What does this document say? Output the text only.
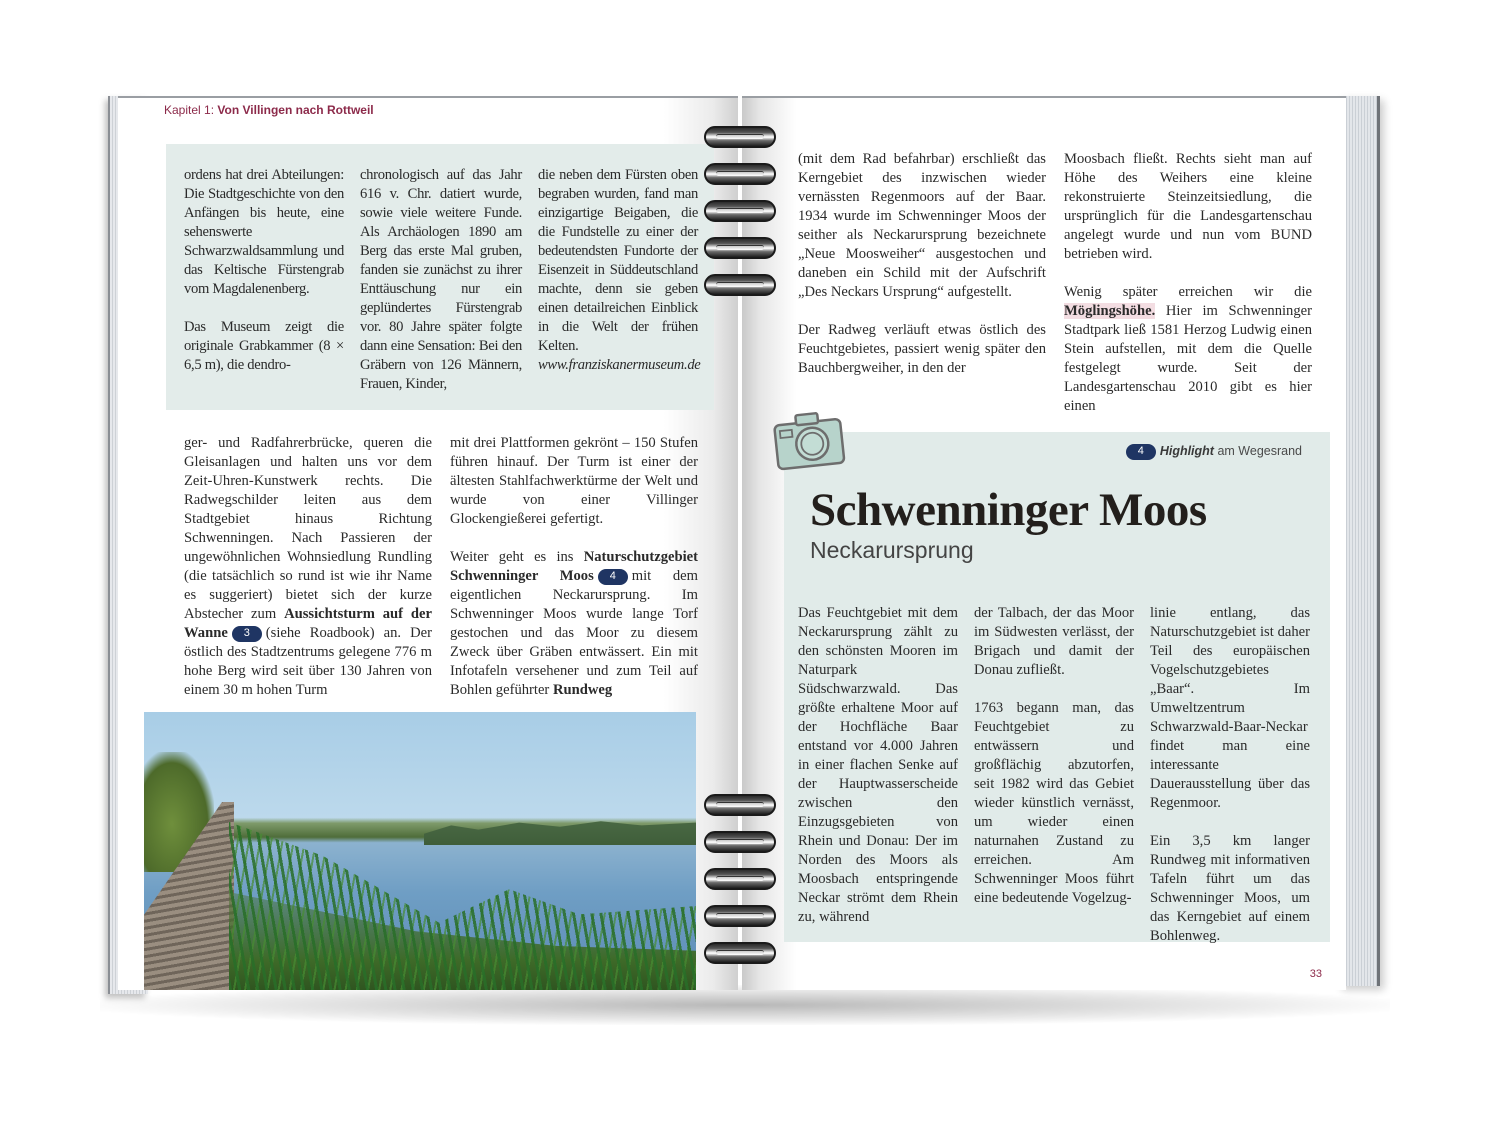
Kapitel 1: Von Villingen nach Rottweil

ordens hat drei Abteilungen: Die Stadtgeschichte von den Anfängen bis heute, eine sehenswerte Schwarzwaldsammlung und das Keltische Fürstengrab vom Magdalenenberg.

Das Museum zeigt die originale Grabkammer (8 × 6,5 m), die dendro-

chronologisch auf das Jahr 616 v. Chr. datiert wurde, sowie viele weitere Funde. Als Archäologen 1890 am Berg das erste Mal gruben, fanden sie zunächst zu ihrer Enttäuschung nur ein geplündertes Fürstengrab vor. 80 Jahre später folgte dann eine Sensation: Bei den Gräbern von 126 Männern, Frauen, Kinder,

die neben dem Fürsten oben begraben wurden, fand man einzigartige Beigaben, die die Fundstelle zu einer der bedeutendsten Fundorte der Eisenzeit in Süddeutschland machte, denn sie geben einen detailreichen Einblick in die Welt der frühen Kelten.

www.franziskanermuseum.de

ger- und Radfahrerbrücke, queren die Gleisanlagen und halten uns vor dem Zeit-Uhren-Kunstwerk rechts. Die Radwegschilder leiten aus dem Stadtgebiet hinaus Richtung Schwenningen. Nach Passieren der ungewöhnlichen Wohnsiedlung Rundling (die tatsächlich so rund ist wie ihr Name es suggeriert) bietet sich der kurze Abstecher zum Aussichtsturm auf der Wanne 3 (siehe Roadbook) an. Der östlich des Stadtzentrums gelegene 776 m hohe Berg wird seit über 130 Jahren von einem 30 m hohen Turm

mit drei Plattformen gekrönt – 150 Stufen führen hinauf. Der Turm ist einer der ältesten Stahlfachwerktürme der Welt und wurde von einer Villinger Glockengießerei gefertigt.

Weiter geht es ins Naturschutzgebiet Schwenninger Moos 4 mit dem eigentlichen Neckarursprung. Im Schwenninger Moos wurde lange Torf gestochen und das Moor zu diesem Zweck über Gräben entwässert. Ein mit Infotafeln versehener und zum Teil auf Bohlen geführter Rundweg

(mit dem Rad befahrbar) erschließt das Kerngebiet des inzwischen wieder vernässten Regenmoors auf der Baar. 1934 wurde im Schwenninger Moos der seither als Neckarursprung bezeichnete „Neue Moosweiher“ ausgestochen und daneben ein Schild mit der Aufschrift „Des Neckars Ursprung“ aufgestellt.

Der Radweg verläuft etwas östlich des Feuchtgebietes, passiert wenig später den Bauchbergweiher, in den der

Moosbach fließt. Rechts sieht man auf Höhe des Weihers eine kleine rekonstruierte Steinzeitsiedlung, die ursprünglich für die Landesgartenschau angelegt wurde und nun vom BUND betrieben wird.

Wenig später erreichen wir die Möglingshöhe. Hier im Schwenninger Stadtpark ließ 1581 Herzog Ludwig einen Stein aufstellen, mit dem die Quelle festgelegt wurde. Seit der Landesgartenschau 2010 gibt es hier einen

4 Highlight am Wegesrand
Schwenninger Moos
Neckarursprung

Das Feuchtgebiet mit dem Neckarursprung zählt zu den schönsten Mooren im Naturpark Südschwarzwald. Das größte erhaltene Moor auf der Hochfläche Baar entstand vor 4.000 Jahren in einer flachen Senke auf der Hauptwasserscheide zwischen den Einzugsgebieten von Rhein und Donau: Der im Norden des Moors als Moosbach entspringende Neckar strömt dem Rhein zu, während

der Talbach, der das Moor im Südwesten verlässt, der Brigach und damit der Donau zufließt.

1763 begann man, das Feuchtgebiet zu entwässern und großflächig abzutorfen, seit 1982 wird das Gebiet wieder künstlich vernässt, um wieder einen naturnahen Zustand zu erreichen. Am Schwenninger Moos führt eine bedeutende Vogelzug-

linie entlang, das Naturschutzgebiet ist daher Teil des europäischen Vogelschutzgebietes „Baar“. Im Umweltzentrum Schwarzwald-Baar-Neckar findet man eine interessante Dauerausstellung über das Regenmoor.

Ein 3,5 km langer Rundweg mit informativen Tafeln führt um das Schwenninger Moos, um das Kerngebiet auf einem Bohlenweg.

33
